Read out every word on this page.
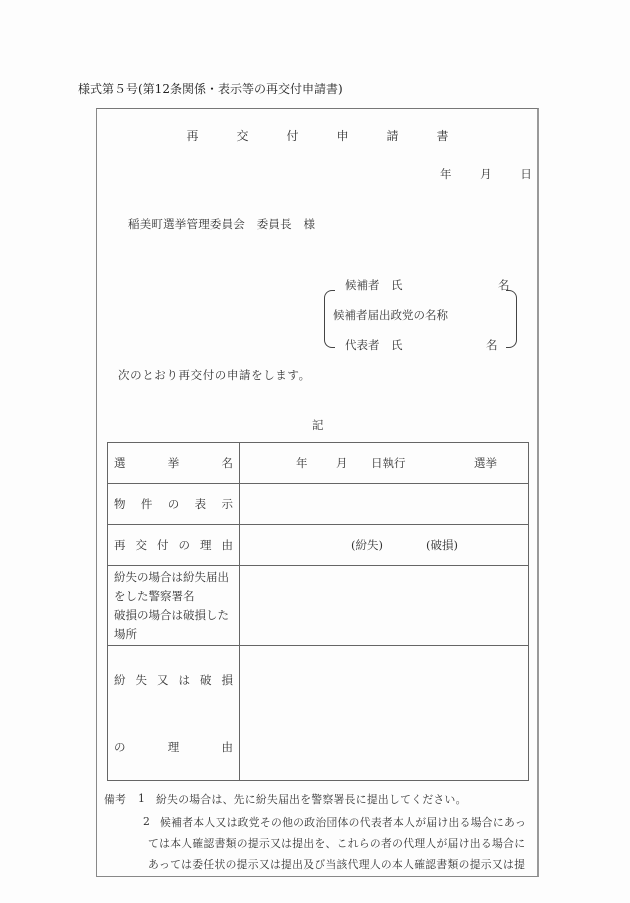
様式第５号(第12条関係・表示等の再交付申請書)
再	交	付	申	請	書
年 月 日
稲美町選挙管理委員会　委員長　様
候補者　氏	名
候補者届出政党の名称
代表者　氏	名
次のとおり再交付の申請をします。
記
選 挙 名	年 月 日執行 選挙

物 件 の 表 示	

再 交 付 の 理 由	(紛失)	(破損)

紛失の場合は紛失届出
をした警察署名
破損の場合は破損した
場所	

紛 失 又 は 破 損
の	理	由

備考 1 紛失の場合は、先に紛失届出を警察署長に提出してください。
2 候補者本人又は政党その他の政治団体の代表者本人が届け出る場合にあっ
ては本人確認書類の提示又は提出を、これらの者の代理人が届け出る場合に
あっては委任状の提示又は提出及び当該代理人の本人確認書類の提示又は提
